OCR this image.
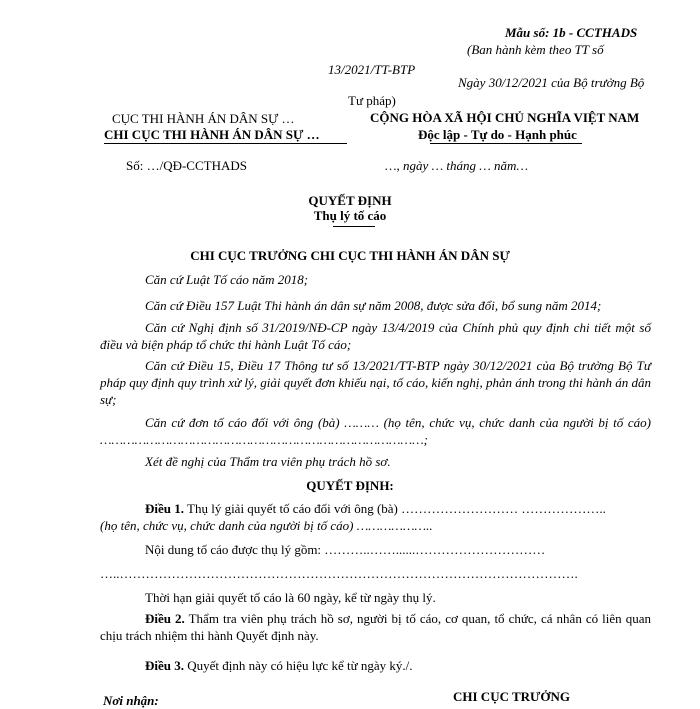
Mẫu số: 1b - CCTHADS
(Ban hành kèm theo TT số
13/2021/TT-BTP
Ngày 30/12/2021 của Bộ trưởng Bộ
Tư pháp)
CỤC THI HÀNH ÁN DÂN SỰ …
CHI CỤC THI HÀNH ÁN DÂN SỰ …
CỘNG HÒA XÃ HỘI CHỦ NGHĨA VIỆT NAM
Độc lập - Tự do - Hạnh phúc
Số: …/QĐ-CCTHADS	…, ngày … tháng … năm…
QUYẾT ĐỊNH
Thụ lý tố cáo
CHI CỤC TRƯỞNG CHI CỤC THI HÀNH ÁN DÂN SỰ
Căn cứ Luật Tố cáo năm 2018;
Căn cứ Điều 157 Luật Thi hành án dân sự năm 2008, được sửa đổi, bổ sung năm 2014;
Căn cứ Nghị định số 31/2019/NĐ-CP ngày 13/4/2019 của Chính phủ quy định chi tiết một số điều và biện pháp tổ chức thi hành Luật Tố cáo;
Căn cứ Điều 15, Điều 17 Thông tư số 13/2021/TT-BTP ngày 30/12/2021 của Bộ trưởng Bộ Tư pháp quy định quy trình xử lý, giải quyết đơn khiếu nại, tố cáo, kiến nghị, phản ánh trong thi hành án dân sự;
Căn cứ đơn tố cáo đối với ông (bà) ……… (họ tên, chức vụ, chức danh của người bị tố cáo) …………………………………………………………………………;
Xét đề nghị của Thẩm tra viên phụ trách hồ sơ.
QUYẾT ĐỊNH:
Điều 1. Thụ lý giải quyết tố cáo đối với ông (bà) ……………………… ………………..
(họ tên, chức vụ, chức danh của người bị tố cáo) ………………..
Nội dung tố cáo được thụ lý gồm: ………..……......…………………………
…..…………………………………………………………………………………………….
Thời hạn giải quyết tố cáo là 60 ngày, kể từ ngày thụ lý.
Điều 2. Thẩm tra viên phụ trách hồ sơ, người bị tố cáo, cơ quan, tổ chức, cá nhân có liên quan chịu trách nhiệm thi hành Quyết định này.
Điều 3. Quyết định này có hiệu lực kể từ ngày ký./.
Nơi nhận:	CHI CỤC TRƯỞNG
